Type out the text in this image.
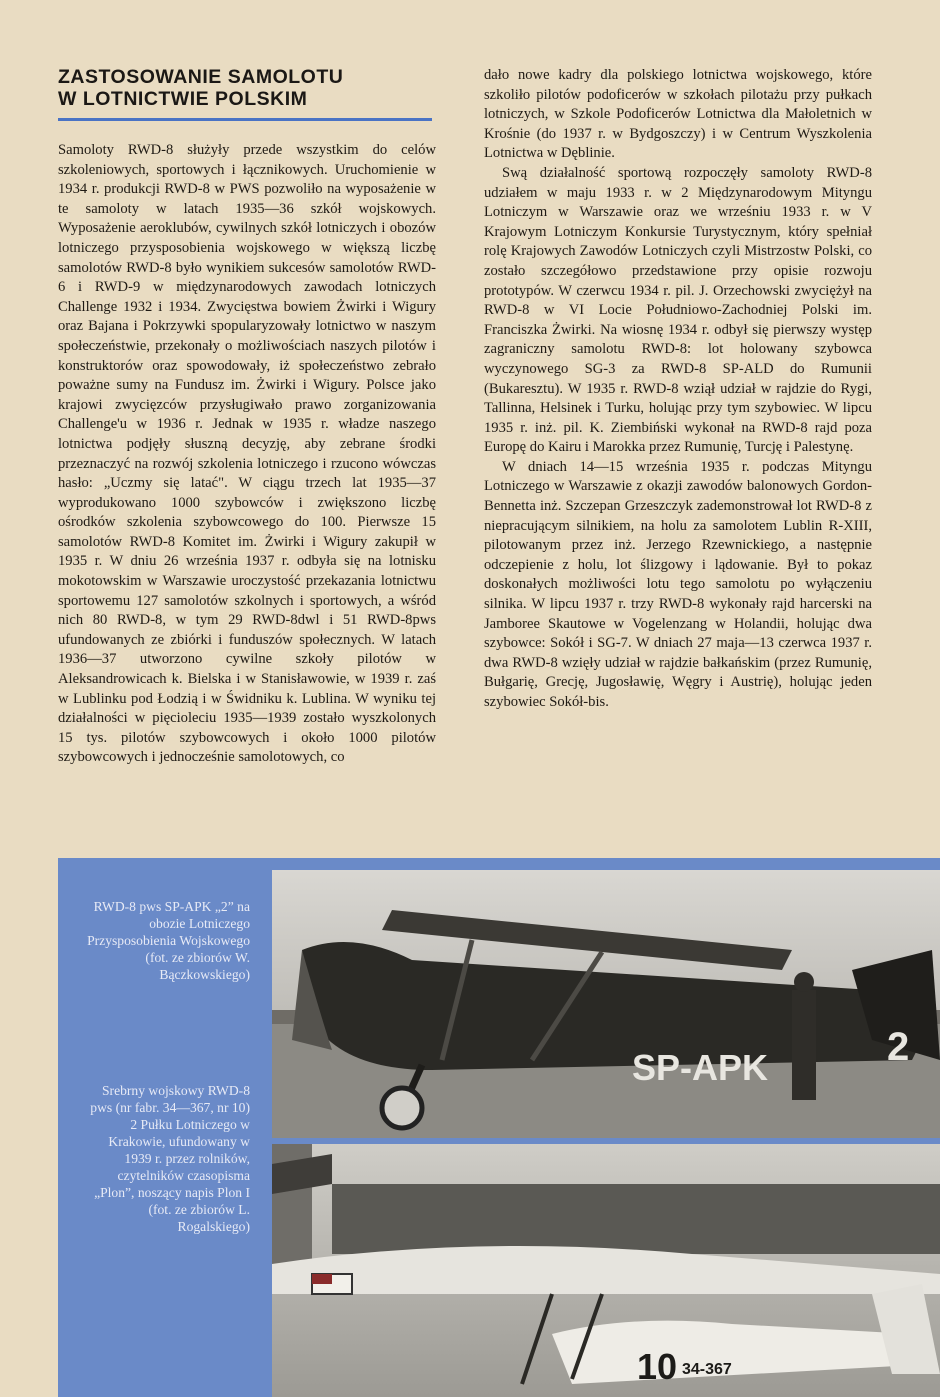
ZASTOSOWANIE SAMOLOTU
W LOTNICTWIE POLSKIM

Samoloty RWD-8 służyły przede wszystkim do celów szkoleniowych, sportowych i łącznikowych. Uruchomienie w 1934 r. produkcji RWD-8 w PWS pozwoliło na wyposażenie w te samoloty w latach 1935—36 szkół wojskowych. Wyposażenie aeroklubów, cywilnych szkół lotniczych i obozów lotniczego przysposobienia wojskowego w większą liczbę samolotów RWD-8 było wynikiem sukcesów samolotów RWD-6 i RWD-9 w międzynarodowych zawodach lotniczych Challenge 1932 i 1934. Zwycięstwa bowiem Żwirki i Wigury oraz Bajana i Pokrzywki spopularyzowały lotnictwo w naszym społeczeństwie, przekonały o możliwościach naszych pilotów i konstruktorów oraz spowodowały, iż społeczeństwo zebrało poważne sumy na Fundusz im. Żwirki i Wigury. Polsce jako krajowi zwycięzców przysługiwało prawo zorganizowania Challenge'u w 1936 r. Jednak w 1935 r. władze naszego lotnictwa podjęły słuszną decyzję, aby zebrane środki przeznaczyć na rozwój szkolenia lotniczego i rzucono wówczas hasło: „Uczmy się latać". W ciągu trzech lat 1935—37 wyprodukowano 1000 szybowców i zwiększono liczbę ośrodków szkolenia szybowcowego do 100. Pierwsze 15 samolotów RWD-8 Komitet im. Żwirki i Wigury zakupił w 1935 r. W dniu 26 września 1937 r. odbyła się na lotnisku mokotowskim w Warszawie uroczystość przekazania lotnictwu sportowemu 127 samolotów szkolnych i sportowych, a wśród nich 80 RWD-8, w tym 29 RWD-8dwl i 51 RWD-8pws ufundowanych ze zbiórki i funduszów społecznych. W latach 1936—37 utworzono cywilne szkoły pilotów w Aleksandrowicach k. Bielska i w Stanisławowie, w 1939 r. zaś w Lublinku pod Łodzią i w Świdniku k. Lublina. W wyniku tej działalności w pięcioleciu 1935—1939 zostało wyszkolonych 15 tys. pilotów szybowcowych i około 1000 pilotów szybowcowych i jednocześnie samolotowych, co

dało nowe kadry dla polskiego lotnictwa wojskowego, które szkoliło pilotów podoficerów w szkołach pilotażu przy pułkach lotniczych, w Szkole Podoficerów Lotnictwa dla Małoletnich w Krośnie (do 1937 r. w Bydgoszczy) i w Centrum Wyszkolenia Lotnictwa w Dęblinie.

Swą działalność sportową rozpoczęły samoloty RWD-8 udziałem w maju 1933 r. w 2 Międzynarodowym Mityngu Lotniczym w Warszawie oraz we wrześniu 1933 r. w V Krajowym Lotniczym Konkursie Turystycznym, który spełniał rolę Krajowych Zawodów Lotniczych czyli Mistrzostw Polski, co zostało szczegółowo przedstawione przy opisie rozwoju prototypów. W czerwcu 1934 r. pil. J. Orzechowski zwyciężył na RWD-8 w VI Locie Południowo-Zachodniej Polski im. Franciszka Żwirki. Na wiosnę 1934 r. odbył się pierwszy występ zagraniczny samolotu RWD-8: lot holowany szybowca wyczynowego SG-3 za RWD-8 SP-ALD do Rumunii (Bukaresztu). W 1935 r. RWD-8 wziął udział w rajdzie do Rygi, Tallinna, Helsinek i Turku, holując przy tym szybowiec. W lipcu 1935 r. inż. pil. K. Ziembiński wykonał na RWD-8 rajd poza Europę do Kairu i Marokka przez Rumunię, Turcję i Palestynę.

W dniach 14—15 września 1935 r. podczas Mityngu Lotniczego w Warszawie z okazji zawodów balonowych Gordon-Bennetta inż. Szczepan Grzeszczyk zademonstrował lot RWD-8 z niepracującym silnikiem, na holu za samolotem Lublin R-XIII, pilotowanym przez inż. Jerzego Rzewnickiego, a następnie odczepienie z holu, lot ślizgowy i lądowanie. Był to pokaz doskonałych możliwości lotu tego samolotu po wyłączeniu silnika. W lipcu 1937 r. trzy RWD-8 wykonały rajd harcerski na Jamboree Skautowe w Vogelenzang w Holandii, holując dwa szybowce: Sokół i SG-7. W dniach 27 maja—13 czerwca 1937 r. dwa RWD-8 wzięły udział w rajdzie bałkańskim (przez Rumunię, Bułgarię, Grecję, Jugosławię, Węgry i Austrię), holując jeden szybowiec Sokół-bis.

RWD-8 pws SP-APK „2” na obozie Lotniczego Przysposobienia Wojskowego (fot. ze zbiorów W. Bączkowskiego)
Srebrny wojskowy RWD-8 pws (nr fabr. 34—367, nr 10) 2 Pułku Lotniczego w Krakowie, ufundowany w 1939 r. przez rolników, czytelników czasopisma „Plon”, noszący napis Plon I (fot. ze zbiorów L. Rogalskiego)
SP-APK	2
10 34-367
